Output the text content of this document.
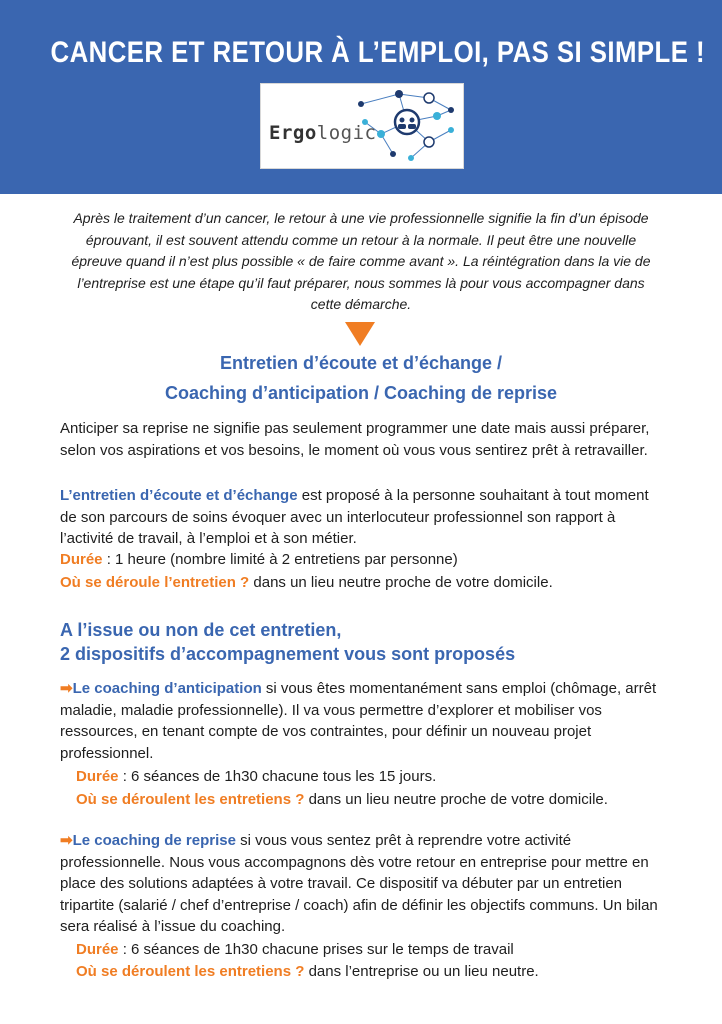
CANCER ET RETOUR À L’EMPLOI, PAS SI SIMPLE !
Ergologic
Après le traitement d’un cancer, le retour à une vie professionnelle signifie la fin d’un épisode éprouvant, il est souvent attendu comme un retour à la normale. Il peut être une nouvelle épreuve quand il n’est plus possible « de faire comme avant ». La réintégration dans la vie de l’entreprise est une étape qu’il faut préparer, nous sommes là pour vous accompagner dans cette démarche.
Entretien d’écoute et d’échange /
Coaching d’anticipation / Coaching de reprise
Anticiper sa reprise ne signifie pas seulement programmer une date mais aussi préparer, selon vos aspirations et vos besoins, le moment où vous vous sentirez prêt à retravailler.
L’entretien d’écoute et d’échange est proposé à la personne souhaitant à tout moment de son parcours de soins évoquer avec un interlocuteur professionnel son rapport à l’activité de travail, à l’emploi et à son métier.
Durée : 1 heure (nombre limité à 2 entretiens par personne)
Où se déroule l’entretien ? dans un lieu neutre proche de votre domicile.
A l’issue ou non de cet entretien,
2 dispositifs d’accompagnement vous sont proposés
➡Le coaching d’anticipation si vous êtes momentanément sans emploi (chômage, arrêt maladie, maladie professionnelle). Il va vous permettre d’explorer et mobiliser vos ressources, en tenant compte de vos contraintes, pour définir un nouveau projet professionnel.
Durée : 6 séances de 1h30 chacune tous les 15 jours.
Où se déroulent les entretiens ? dans un lieu neutre proche de votre domicile.
➡Le coaching de reprise si vous vous sentez prêt à reprendre votre activité professionnelle. Nous vous accompagnons dès votre retour en entreprise pour mettre en place des solutions adaptées à votre travail. Ce dispositif va débuter par un entretien tripartite (salarié / chef d’entreprise / coach) afin de définir les objectifs communs. Un bilan sera réalisé à l’issue du coaching.
Durée : 6 séances de 1h30 chacune prises sur le temps de travail
Où se déroulent les entretiens ? dans l’entreprise ou un lieu neutre.
